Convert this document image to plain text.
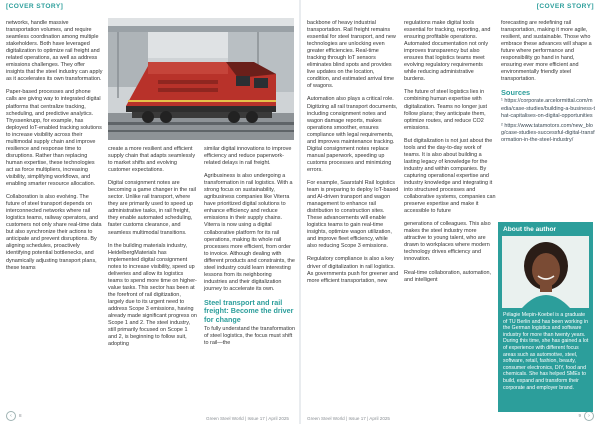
[COVER STORY]

networks, handle massive transportation volumes, and require seamless coordination among multiple stakeholders. Both have leveraged digitalization to optimize rail freight and related operations, as well as address emissions challenges. They offer insights that the steel industry can apply as it accelerates its own transformation.

Paper-based processes and phone calls are giving way to integrated digital platforms that centralize tracking, scheduling, and predictive analytics. Thyssenkrupp, for example, has deployed IoT-enabled tracking solutions to increase visibility across their multimodal supply chain and improve resilience and response time to disruptions. Rather than replacing human expertise, these technologies act as force multipliers, increasing visibility, simplifying workflows, and enabling smarter resource allocation.

Collaboration is also evolving. The future of steel transport depends on interconnected networks where rail logistics teams, railway operators, and customers not only share real-time data but also synchronize their actions to anticipate and prevent disruptions. By aligning schedules, proactively identifying potential bottlenecks, and dynamically adjusting transport plans, these teams

create a more resilient and efficient supply chain that adapts seamlessly to market shifts and evolving customer expectations.

Digital consignment notes are becoming a game changer in the rail sector. Unlike rail transport, where they are primarily used to speed up administrative tasks, in rail freight, they enable automated scheduling, faster customs clearance, and seamless multimodal transitions.

In the building materials industry, HeidelbergMaterials has implemented digital consignment notes to increase visibility, speed up deliveries and allow its logistics teams to spend more time on higher-value tasks. This sector has been at the forefront of rail digitization, largely due to its urgent need to address Scope 3 emissions, having already made significant progress on Scope 1 and 2. The steel industry, still primarily focused on Scope 1 and 2, is beginning to follow suit, adopting

similar digital innovations to improve efficiency and reduce paperwork-related delays in rail freight.

Agribusiness is also undergoing a transformation in rail logistics. With a strong focus on sustainability, agribusiness companies like Viterra have prioritized digital solutions to enhance efficiency and reduce emissions in their supply chains. Viterra is now using a digital collaborative platform for its rail operations, making its whole rail processes more efficient, from order to invoice. Although dealing with different products and constraints, the steel industry could learn interesting lessons from its neighboring industries and their digitalization journey to accelerate its own.

Steel transport and rail freight: Become the driver for change

To fully understand the transformation of steel logistics, the focus must shift to rail—the

‹	8
Green Steel World | Issue 17 | April 2025
[COVER STORY]

backbone of heavy industrial transportation. Rail freight remains essential for steel transport, and new technologies are unlocking even greater efficiencies. Real-time tracking through IoT sensors eliminates blind spots and provides live updates on the location, condition, and estimated arrival time of wagons.

Automation also plays a critical role. Digitizing all rail transport documents, including consignment notes and wagon damage reports, makes operations smoother, ensures compliance with legal requirements, and improves maintenance tracking. Digital consignment notes replace manual paperwork, speeding up customs processes and minimizing errors.

For example, Saarstahl Rail logistics team is preparing to deploy IoT-based and AI-driven transport and wagon management to enhance rail distribution to construction sites. These advancements will enable logistics teams to gain real-time insights, optimize wagon utilization, and improve fleet efficiency, while also reducing Scope 3 emissions.

Regulatory compliance is also a key driver of digitalization in rail logistics. As governments push for greener and more efficient transportation, new

regulations make digital tools essential for tracking, reporting, and ensuring profitable operations. Automated documentation not only improves transparency but also ensures that logistics teams meet evolving regulatory requirements while reducing administrative burdens.

The future of steel logistics lies in combining human expertise with digitalization. Teams no longer just follow plans; they anticipate them, optimize routes, and reduce CO2 emissions.

But digitalization is not just about the tools and the day-to-day work of teams. It is also about building a lasting legacy of knowledge for the industry and within companies. By capturing operational expertise and industry knowledge and integrating it into structured processes and collaborative systems, companies can preserve expertise and make it accessible to future

generations of colleagues. This also makes the steel industry more attractive to young talent, who are drawn to workplaces where modern technology drives efficiency and innovation.

Real-time collaboration, automation, and intelligent

forecasting are redefining rail transportation, making it more agile, resilient, and sustainable. Those who embrace these advances will shape a future where performance and responsibility go hand in hand, ensuring ever more efficient and environmentally friendly steel transportation.

Sources
¹ https://corporate.arcelormittal.com/media/case-studies/building-a-business-that-capitalises-on-digital-opportunities
² https://www.tatamotors.com/new_blog/case-studies-successful-digital-transformation-in-the-steel-industry/
9
Green Steel World | Issue 17 | April 2025	›
About the author
Pélagie Mepin-Koebel is a graduate of TU Berlin and has been working in the German logistics and software industry for more than twenty years. During this time, she has gained a lot of experience with different focus areas such as automotive, steel, software, retail, fashion, beauty, consumer electronics, DIY, food and chemicals. She has helped SMEs to build, expand and transform their corporate and employer brand.
